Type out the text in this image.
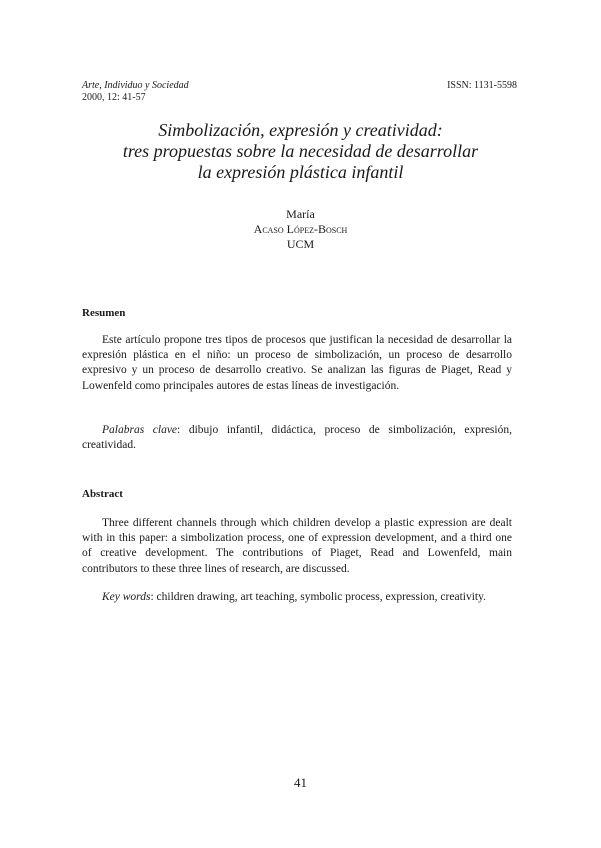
Arte, Individuo y Sociedad
2000, 12: 41-57
ISSN: 1131-5598
Simbolización, expresión y creatividad:
tres propuestas sobre la necesidad de desarrollar
la expresión plástica infantil
María
Acaso López-Bosch
UCM
Resumen

Este artículo propone tres tipos de procesos que justifican la necesidad de desarrollar la expresión plástica en el niño: un proceso de simbolización, un proceso de desarrollo expresivo y un proceso de desarrollo creativo. Se analizan las figuras de Piaget, Read y Lowenfeld como principales autores de estas líneas de investigación.

Palabras clave: dibujo infantil, didáctica, proceso de simbolización, expresión, creatividad.

Abstract

Three different channels through which children develop a plastic expression are dealt with in this paper: a simbolization process, one of expression development, and a third one of creative development. The contributions of Piaget, Read and Lowenfeld, main contributors to these three lines of research, are discussed.

Key words: children drawing, art teaching, symbolic process, expression, creativity.

41
